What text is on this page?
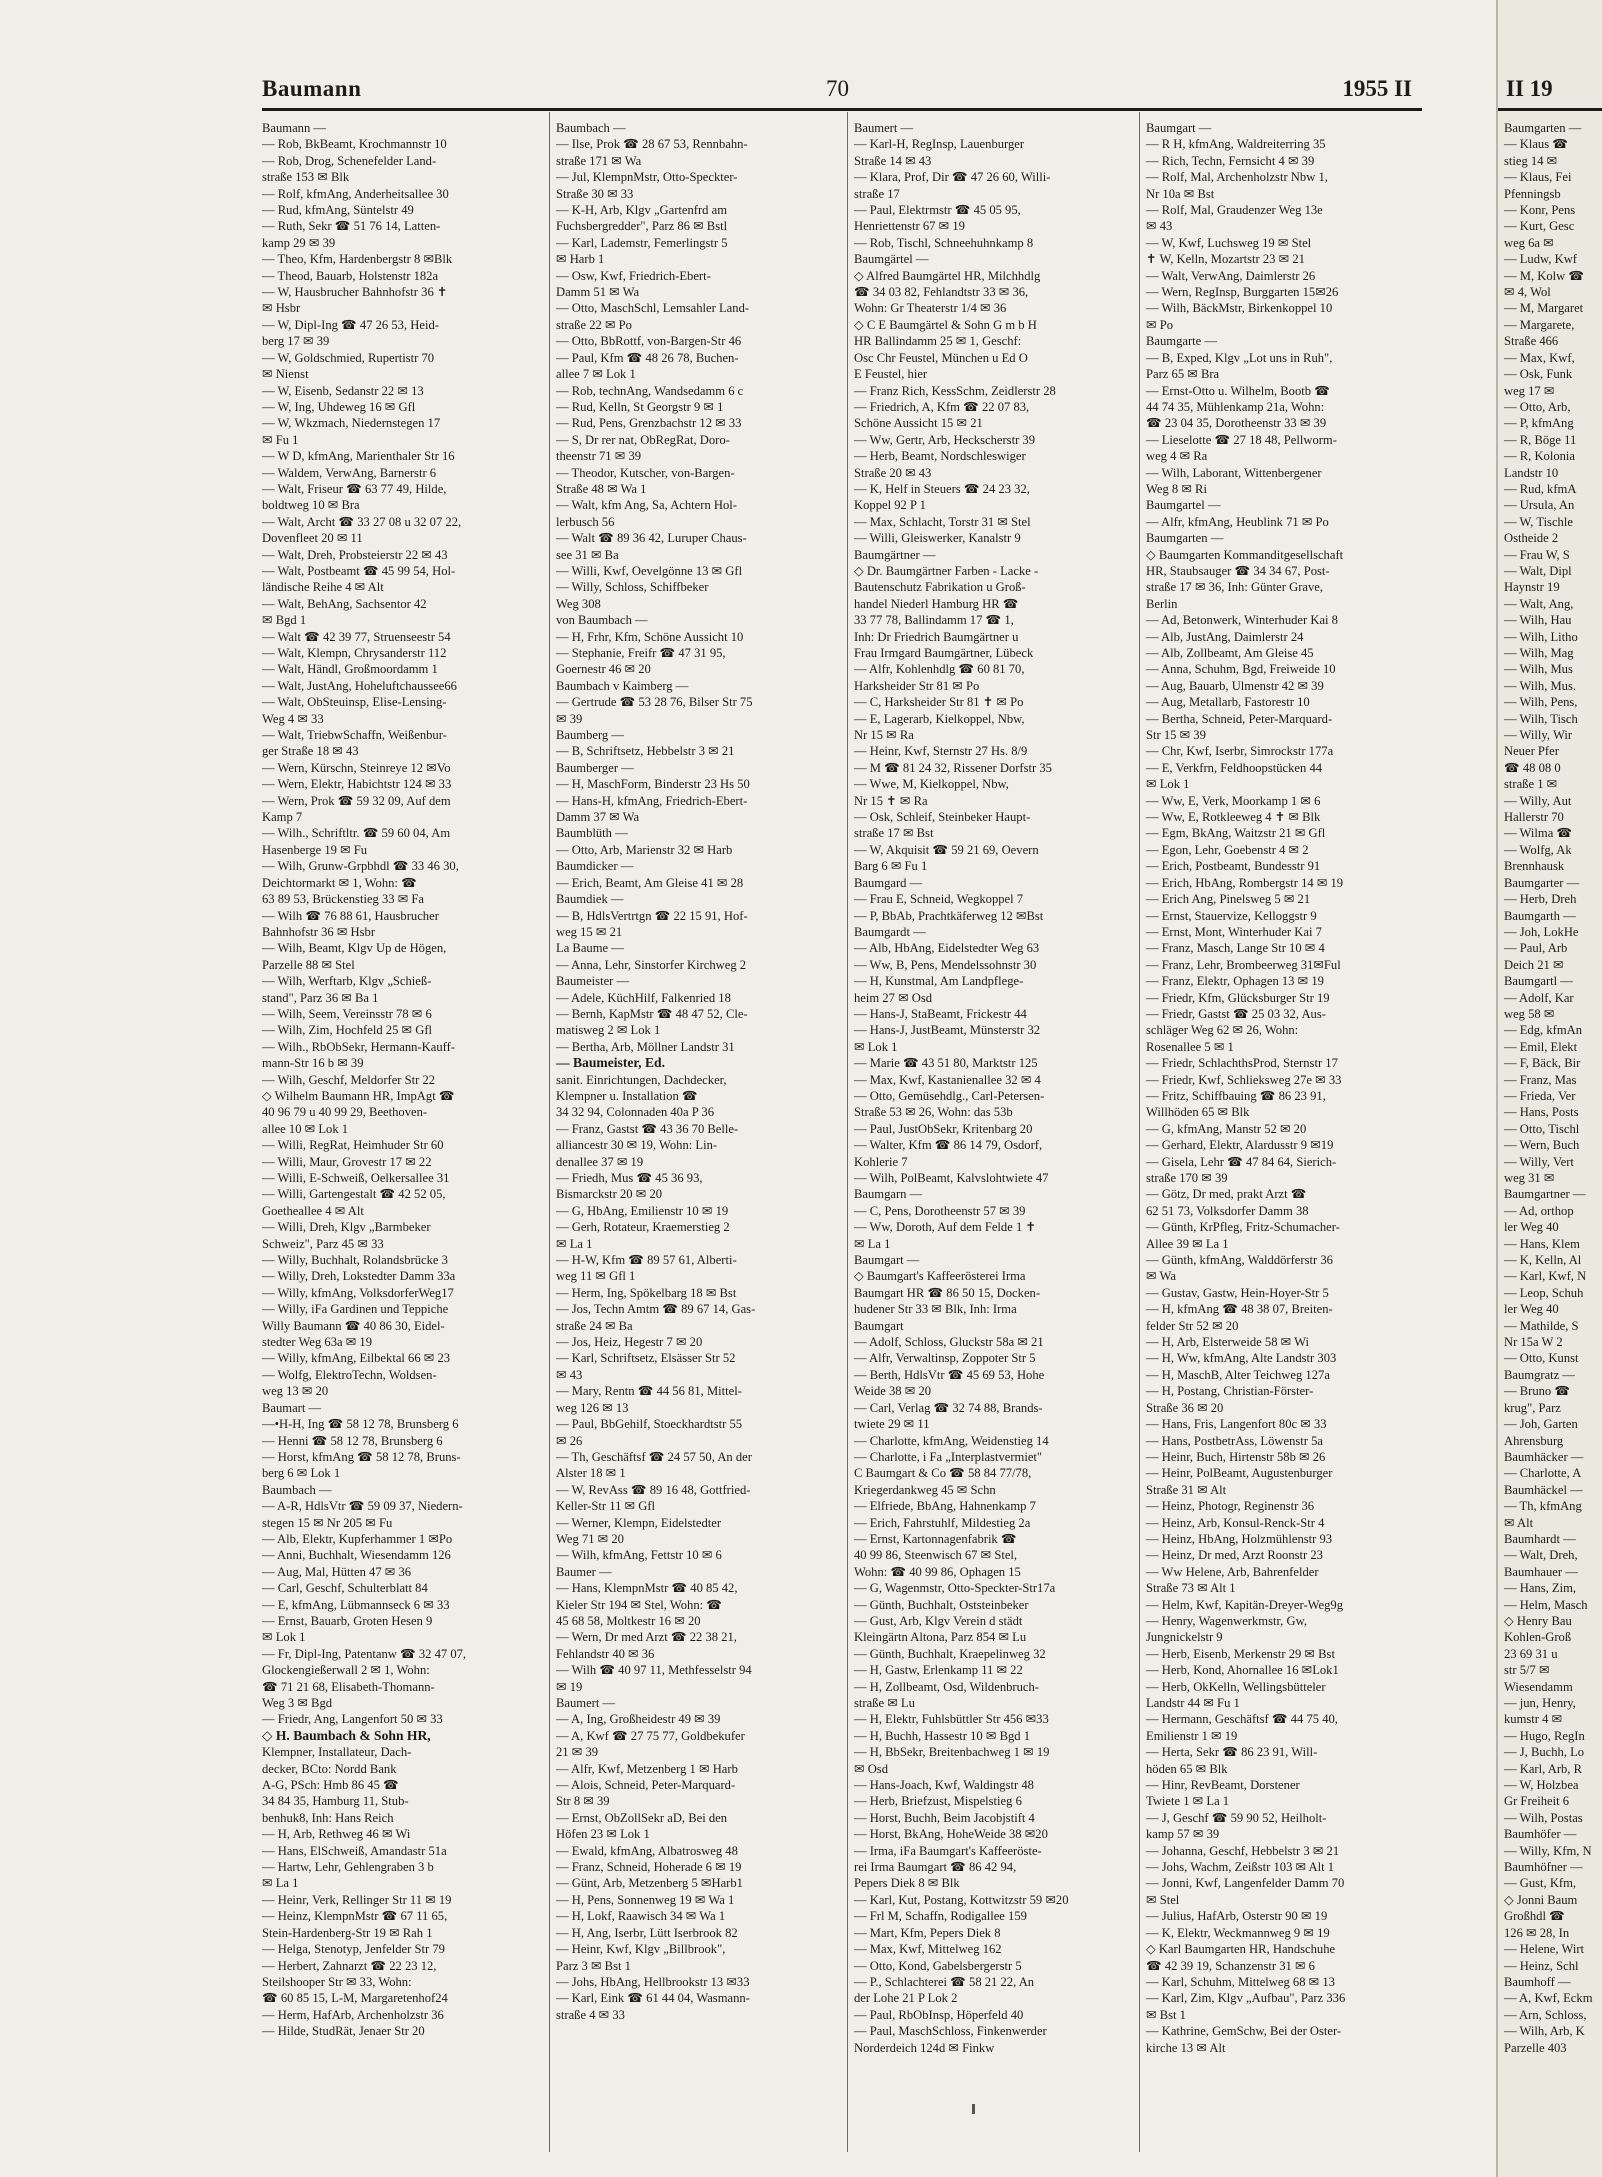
Baumann	70	1955 II
Baumann —
— Rob, BkBeamt, Krochmannstr 10
— Rob, Drog, Schenefelder Land-
straße 153 ✉ Blk
— Rolf, kfmAng, Anderheitsallee 30
— Rud, kfmAng, Süntelstr 49
— Ruth, Sekr ☎ 51 76 14, Latten-
kamp 29 ✉ 39
— Theo, Kfm, Hardenbergstr 8 ✉Blk
— Theod, Bauarb, Holstenstr 182a
— W, Hausbrucher Bahnhofstr 36 ✝
✉ Hsbr
— W, Dipl-Ing ☎ 47 26 53, Heid-
berg 17 ✉ 39
— W, Goldschmied, Rupertistr 70
✉ Nienst
— W, Eisenb, Sedanstr 22 ✉ 13
— W, Ing, Uhdeweg 16 ✉ Gfl
— W, Wkzmach, Niedernstegen 17
✉ Fu 1
— W D, kfmAng, Marienthaler Str 16
— Waldem, VerwAng, Barnerstr 6
— Walt, Friseur ☎ 63 77 49, Hilde,
boldtweg 10 ✉ Bra
— Walt, Archt ☎ 33 27 08 u 32 07 22,
Dovenfleet 20 ✉ 11
— Walt, Dreh, Probsteierstr 22 ✉ 43
— Walt, Postbeamt ☎ 45 99 54, Hol-
ländische Reihe 4 ✉ Alt
— Walt, BehAng, Sachsentor 42
✉ Bgd 1
— Walt ☎ 42 39 77, Struenseestr 54
— Walt, Klempn, Chrysanderstr 112
— Walt, Händl, Großmoordamm 1
— Walt, JustAng, Hoheluftchaussee66
— Walt, ObSteuinsp, Elise-Lensing-
Weg 4 ✉ 33
— Walt, TriebwSchaffn, Weißenbur-
ger Straße 18 ✉ 43
— Wern, Kürschn, Steinreye 12 ✉Vo
— Wern, Elektr, Habichtstr 124 ✉ 33
— Wern, Prok ☎ 59 32 09, Auf dem
Kamp 7
— Wilh., Schriftltr. ☎ 59 60 04, Am
Hasenberge 19 ✉ Fu
— Wilh, Grunw-Grpbhdl ☎ 33 46 30,
Deichtormarkt ✉ 1, Wohn: ☎
63 89 53, Brückenstieg 33 ✉ Fa
— Wilh ☎ 76 88 61, Hausbrucher
Bahnhofstr 36 ✉ Hsbr
— Wilh, Beamt, Klgv Up de Högen,
Parzelle 88 ✉ Stel
— Wilh, Werftarb, Klgv „Schieß-
stand", Parz 36 ✉ Ba 1
— Wilh, Seem, Vereinsstr 78 ✉ 6
— Wilh, Zim, Hochfeld 25 ✉ Gfl
— Wilh., RbObSekr, Hermann-Kauff-
mann-Str 16 b ✉ 39
— Wilh, Geschf, Meldorfer Str 22
◇ Wilhelm Baumann HR, ImpAgt ☎
40 96 79 u 40 99 29, Beethoven-
allee 10 ✉ Lok 1
— Willi, RegRat, Heimhuder Str 60
— Willi, Maur, Grovestr 17 ✉ 22
— Willi, E-Schweiß, Oelkersallee 31
— Willi, Gartengestalt ☎ 42 52 05,
Goetheallee 4 ✉ Alt
— Willi, Dreh, Klgv „Barmbeker
Schweiz", Parz 45 ✉ 33
— Willy, Buchhalt, Rolandsbrücke 3
— Willy, Dreh, Lokstedter Damm 33a
— Willy, kfmAng, VolksdorferWeg17
— Willy, iFa Gardinen und Teppiche
Willy Baumann ☎ 40 86 30, Eidel-
stedter Weg 63a ✉ 19
— Willy, kfmAng, Eilbektal 66 ✉ 23
— Wolfg, ElektroTechn, Woldsen-
weg 13 ✉ 20
Baumart —
—•H-H, Ing ☎ 58 12 78, Brunsberg 6
— Henni ☎ 58 12 78, Brunsberg 6
— Horst, kfmAng ☎ 58 12 78, Bruns-
berg 6 ✉ Lok 1
Baumbach —
— A-R, HdlsVtr ☎ 59 09 37, Niedern-
stegen 15 ✉ Nr 205 ✉ Fu
— Alb, Elektr, Kupferhammer 1 ✉Po
— Anni, Buchhalt, Wiesendamm 126
— Aug, Mal, Hütten 47 ✉ 36
— Carl, Geschf, Schulterblatt 84
— E, kfmAng, Lübmannseck 6 ✉ 33
— Ernst, Bauarb, Groten Hesen 9
✉ Lok 1
— Fr, Dipl-Ing, Patentanw ☎ 32 47 07,
Glockengießerwall 2 ✉ 1, Wohn:
☎ 71 21 68, Elisabeth-Thomann-
Weg 3 ✉ Bgd
— Friedr, Ang, Langenfort 50 ✉ 33
◇ H. Baumbach & Sohn HR,
Klempner, Installateur, Dach-
decker, BCto: Nordd Bank
A-G, PSch: Hmb 86 45 ☎
34 84 35, Hamburg 11, Stub-
benhuk8, Inh: Hans Reich
— H, Arb, Rethweg 46 ✉ Wi
— Hans, ElSchweiß, Amandastr 51a
— Hartw, Lehr, Gehlengraben 3 b
✉ La 1
— Heinr, Verk, Rellinger Str 11 ✉ 19
— Heinz, KlempnMstr ☎ 67 11 65,
Stein-Hardenberg-Str 19 ✉ Rah 1
— Helga, Stenotyp, Jenfelder Str 79
— Herbert, Zahnarzt ☎ 22 23 12,
Steilshooper Str ✉ 33, Wohn:
☎ 60 85 15, L-M, Margaretenhof24
— Herm, HafArb, Archenholzstr 36
— Hilde, StudRät, Jenaer Str 20
Baumbach —
— Ilse, Prok ☎ 28 67 53, Rennbahn-
straße 171 ✉ Wa
— Jul, KlempnMstr, Otto-Speckter-
Straße 30 ✉ 33
— K-H, Arb, Klgv „Gartenfrd am
Fuchsbergredder", Parz 86 ✉ Bstl
— Karl, Lademstr, Femerlingstr 5
✉ Harb 1
— Osw, Kwf, Friedrich-Ebert-
Damm 51 ✉ Wa
— Otto, MaschSchl, Lemsahler Land-
straße 22 ✉ Po
— Otto, BbRottf, von-Bargen-Str 46
— Paul, Kfm ☎ 48 26 78, Buchen-
allee 7 ✉ Lok 1
— Rob, technAng, Wandsedamm 6 c
— Rud, Kelln, St Georgstr 9 ✉ 1
— Rud, Pens, Grenzbachstr 12 ✉ 33
— S, Dr rer nat, ObRegRat, Doro-
theenstr 71 ✉ 39
— Theodor, Kutscher, von-Bargen-
Straße 48 ✉ Wa 1
— Walt, kfm Ang, Sa, Achtern Hol-
lerbusch 56
— Walt ☎ 89 36 42, Luruper Chaus-
see 31 ✉ Ba
— Willi, Kwf, Oevelgönne 13 ✉ Gfl
— Willy, Schloss, Schiffbeker
Weg 308
von Baumbach —
— H, Frhr, Kfm, Schöne Aussicht 10
— Stephanie, Freifr ☎ 47 31 95,
Goernestr 46 ✉ 20
Baumbach v Kaimberg —
— Gertrude ☎ 53 28 76, Bilser Str 75
✉ 39
Baumberg —
— B, Schriftsetz, Hebbelstr 3 ✉ 21
Baumberger —
— H, MaschForm, Binderstr 23 Hs 50
— Hans-H, kfmAng, Friedrich-Ebert-
Damm 37 ✉ Wa
Baumblüth —
— Otto, Arb, Marienstr 32 ✉ Harb
Baumdicker —
— Erich, Beamt, Am Gleise 41 ✉ 28
Baumdiek —
— B, HdlsVertrtgn ☎ 22 15 91, Hof-
weg 15 ✉ 21
La Baume —
— Anna, Lehr, Sinstorfer Kirchweg 2
Baumeister —
— Adele, KüchHilf, Falkenried 18
— Bernh, KapMstr ☎ 48 47 52, Cle-
matisweg 2 ✉ Lok 1
— Bertha, Arb, Möllner Landstr 31
— Baumeister, Ed.
sanit. Einrichtungen, Dachdecker,
Klempner u. Installation ☎
34 32 94, Colonnaden 40a P 36
— Franz, Gastst ☎ 43 36 70 Belle-
alliancestr 30 ✉ 19, Wohn: Lin-
denallee 37 ✉ 19
— Friedh, Mus ☎ 45 36 93,
Bismarckstr 20 ✉ 20
— G, HbAng, Emilienstr 10 ✉ 19
— Gerh, Rotateur, Kraemerstieg 2
✉ La 1
— H-W, Kfm ☎ 89 57 61, Alberti-
weg 11 ✉ Gfl 1
— Herm, Ing, Spökelbarg 18 ✉ Bst
— Jos, Techn Amtm ☎ 89 67 14, Gas-
straße 24 ✉ Ba
— Jos, Heiz, Hegestr 7 ✉ 20
— Karl, Schriftsetz, Elsässer Str 52
✉ 43
— Mary, Rentn ☎ 44 56 81, Mittel-
weg 126 ✉ 13
— Paul, BbGehilf, Stoeckhardtstr 55
✉ 26
— Th, Geschäftsf ☎ 24 57 50, An der
Alster 18 ✉ 1
— W, RevAss ☎ 89 16 48, Gottfried-
Keller-Str 11 ✉ Gfl
— Werner, Klempn, Eidelstedter
Weg 71 ✉ 20
— Wilh, kfmAng, Fettstr 10 ✉ 6
Baumer —
— Hans, KlempnMstr ☎ 40 85 42,
Kieler Str 194 ✉ Stel, Wohn: ☎
45 68 58, Moltkestr 16 ✉ 20
— Wern, Dr med Arzt ☎ 22 38 21,
Fehlandstr 40 ✉ 36
— Wilh ☎ 40 97 11, Methfesselstr 94
✉ 19
Baumert —
— A, Ing, Großheidestr 49 ✉ 39
— A, Kwf ☎ 27 75 77, Goldbekufer
21 ✉ 39
— Alfr, Kwf, Metzenberg 1 ✉ Harb
— Alois, Schneid, Peter-Marquard-
Str 8 ✉ 39
— Ernst, ObZollSekr aD, Bei den
Höfen 23 ✉ Lok 1
— Ewald, kfmAng, Albatrosweg 48
— Franz, Schneid, Hoherade 6 ✉ 19
— Günt, Arb, Metzenberg 5 ✉Harb1
— H, Pens, Sonnenweg 19 ✉ Wa 1
— H, Lokf, Raawisch 34 ✉ Wa 1
— H, Ang, Iserbr, Lütt Iserbrook 82
— Heinr, Kwf, Klgv „Billbrook",
Parz 3 ✉ Bst 1
— Johs, HbAng, Hellbrookstr 13 ✉33
— Karl, Eink ☎ 61 44 04, Wasmann-
straße 4 ✉ 33
Baumert —
— Karl-H, RegInsp, Lauenburger
Straße 14 ✉ 43
— Klara, Prof, Dir ☎ 47 26 60, Willi-
straße 17
— Paul, Elektrmstr ☎ 45 05 95,
Henriettenstr 67 ✉ 19
— Rob, Tischl, Schneehuhnkamp 8
Baumgärtel —
◇ Alfred Baumgärtel HR, Milchhdlg
☎ 34 03 82, Fehlandtstr 33 ✉ 36,
Wohn: Gr Theaterstr 1/4 ✉ 36
◇ C E Baumgärtel & Sohn G m b H
HR Ballindamm 25 ✉ 1, Geschf:
Osc Chr Feustel, München u Ed O
E Feustel, hier
— Franz Rich, KessSchm, Zeidlerstr 28
— Friedrich, A, Kfm ☎ 22 07 83,
Schöne Aussicht 15 ✉ 21
— Ww, Gertr, Arb, Heckscherstr 39
— Herb, Beamt, Nordschleswiger
Straße 20 ✉ 43
— K, Helf in Steuers ☎ 24 23 32,
Koppel 92 P 1
— Max, Schlacht, Torstr 31 ✉ Stel
— Willi, Gleiswerker, Kanalstr 9
Baumgärtner —
◇ Dr. Baumgärtner Farben - Lacke -
Bautenschutz Fabrikation u Groß-
handel Niederl Hamburg HR ☎
33 77 78, Ballindamm 17 ☎ 1,
Inh: Dr Friedrich Baumgärtner u
Frau Irmgard Baumgärtner, Lübeck
— Alfr, Kohlenhdlg ☎ 60 81 70,
Harksheider Str 81 ✉ Po
— C, Harksheider Str 81 ✝ ✉ Po
— E, Lagerarb, Kielkoppel, Nbw,
Nr 15 ✉ Ra
— Heinr, Kwf, Sternstr 27 Hs. 8/9
— M ☎ 81 24 32, Rissener Dorfstr 35
— Wwe, M, Kielkoppel, Nbw,
Nr 15 ✝ ✉ Ra
— Osk, Schleif, Steinbeker Haupt-
straße 17 ✉ Bst
— W, Akquisit ☎ 59 21 69, Oevern
Barg 6 ✉ Fu 1
Baumgard —
— Frau E, Schneid, Wegkoppel 7
— P, BbAb, Prachtkäferweg 12 ✉Bst
Baumgardt —
— Alb, HbAng, Eidelstedter Weg 63
— Ww, B, Pens, Mendelssohnstr 30
— H, Kunstmal, Am Landpflege-
heim 27 ✉ Osd
— Hans-J, StaBeamt, Frickestr 44
— Hans-J, JustBeamt, Münsterstr 32
✉ Lok 1
— Marie ☎ 43 51 80, Marktstr 125
— Max, Kwf, Kastanienallee 32 ✉ 4
— Otto, Gemüsehdlg., Carl-Petersen-
Straße 53 ✉ 26, Wohn: das 53b
— Paul, JustObSekr, Kritenbarg 20
— Walter, Kfm ☎ 86 14 79, Osdorf,
Kohlerie 7
— Wilh, PolBeamt, Kalvslohtwiete 47
Baumgarn —
— C, Pens, Dorotheenstr 57 ✉ 39
— Ww, Doroth, Auf dem Felde 1 ✝
✉ La 1
Baumgart —
◇ Baumgart's Kaffeerösterei Irma
Baumgart HR ☎ 86 50 15, Docken-
hudener Str 33 ✉ Blk, Inh: Irma
Baumgart
— Adolf, Schloss, Gluckstr 58a ✉ 21
— Alfr, Verwaltinsp, Zoppoter Str 5
— Berth, HdlsVtr ☎ 45 69 53, Hohe
Weide 38 ✉ 20
— Carl, Verlag ☎ 32 74 88, Brands-
twiete 29 ✉ 11
— Charlotte, kfmAng, Weidenstieg 14
— Charlotte, i Fa „Interplastvermiet"
C Baumgart & Co ☎ 58 84 77/78,
Kriegerdankweg 45 ✉ Schn
— Elfriede, BbAng, Hahnenkamp 7
— Erich, Fahrstuhlf, Mildestieg 2a
— Ernst, Kartonnagenfabrik ☎
40 99 86, Steenwisch 67 ✉ Stel,
Wohn: ☎ 40 99 86, Ophagen 15
— G, Wagenmstr, Otto-Speckter-Str17a
— Günth, Buchhalt, Oststeinbeker
— Gust, Arb, Klgv Verein d städt
Kleingärtn Altona, Parz 854 ✉ Lu
— Günth, Buchhalt, Kraepelinweg 32
— H, Gastw, Erlenkamp 11 ✉ 22
— H, Zollbeamt, Osd, Wildenbruch-
straße ✉ Lu
— H, Elektr, Fuhlsbüttler Str 456 ✉33
— H, Buchh, Hassestr 10 ✉ Bgd 1
— H, BbSekr, Breitenbachweg 1 ✉ 19
✉ Osd
— Hans-Joach, Kwf, Waldingstr 48
— Herb, Briefzust, Mispelstieg 6
— Horst, Buchh, Beim Jacobjstift 4
— Horst, BkAng, HoheWeide 38 ✉20
— Irma, iFa Baumgart's Kaffeeröste-
rei Irma Baumgart ☎ 86 42 94,
Pepers Diek 8 ✉ Blk
— Karl, Kut, Postang, Kottwitzstr 59 ✉20
— Frl M, Schaffn, Rodigallee 159
— Mart, Kfm, Pepers Diek 8
— Max, Kwf, Mittelweg 162
— Otto, Kond, Gabelsbergerstr 5
— P., Schlachterei ☎ 58 21 22, An
der Lohe 21 P Lok 2
— Paul, RbObInsp, Höperfeld 40
— Paul, MaschSchloss, Finkenwerder
Norderdeich 124d ✉ Finkw
Baumgart —
— R H, kfmAng, Waldreiterring 35
— Rich, Techn, Fernsicht 4 ✉ 39
— Rolf, Mal, Archenholzstr Nbw 1,
Nr 10a ✉ Bst
— Rolf, Mal, Graudenzer Weg 13e
✉ 43
— W, Kwf, Luchsweg 19 ✉ Stel
✝ W, Kelln, Mozartstr 23 ✉ 21
— Walt, VerwAng, Daimlerstr 26
— Wern, RegInsp, Burggarten 15✉26
— Wilh, BäckMstr, Birkenkoppel 10
✉ Po
Baumgarte —
— B, Exped, Klgv „Lot uns in Ruh",
Parz 65 ✉ Bra
— Ernst-Otto u. Wilhelm, Bootb ☎
44 74 35, Mühlenkamp 21a, Wohn:
☎ 23 04 35, Dorotheenstr 33 ✉ 39
— Lieselotte ☎ 27 18 48, Pellworm-
weg 4 ✉ Ra
— Wilh, Laborant, Wittenbergener
Weg 8 ✉ Ri
Baumgartel —
— Alfr, kfmAng, Heublink 71 ✉ Po
Baumgarten —
◇ Baumgarten Kommanditgesellschaft
HR, Staubsauger ☎ 34 34 67, Post-
straße 17 ✉ 36, Inh: Günter Grave,
Berlin
— Ad, Betonwerk, Winterhuder Kai 8
— Alb, JustAng, Daimlerstr 24
— Alb, Zollbeamt, Am Gleise 45
— Anna, Schuhm, Bgd, Freiweide 10
— Aug, Bauarb, Ulmenstr 42 ✉ 39
— Aug, Metallarb, Fastorestr 10
— Bertha, Schneid, Peter-Marquard-
Str 15 ✉ 39
— Chr, Kwf, Iserbr, Simrockstr 177a
— E, Verkfrn, Feldhoopstücken 44
✉ Lok 1
— Ww, E, Verk, Moorkamp 1 ✉ 6
— Ww, E, Rotkleeweg 4 ✝ ✉ Blk
— Egm, BkAng, Waitzstr 21 ✉ Gfl
— Egon, Lehr, Goebenstr 4 ✉ 2
— Erich, Postbeamt, Bundesstr 91
— Erich, HbAng, Rombergstr 14 ✉ 19
— Erich Ang, Pinelsweg 5 ✉ 21
— Ernst, Stauervize, Kelloggstr 9
— Ernst, Mont, Winterhuder Kai 7
— Franz, Masch, Lange Str 10 ✉ 4
— Franz, Lehr, Brombeerweg 31✉Ful
— Franz, Elektr, Ophagen 13 ✉ 19
— Friedr, Kfm, Glücksburger Str 19
— Friedr, Gastst ☎ 25 03 32, Aus-
schläger Weg 62 ✉ 26, Wohn:
Rosenallee 5 ✉ 1
— Friedr, SchlachthsProd, Sternstr 17
— Friedr, Kwf, Schlieksweg 27e ✉ 33
— Fritz, Schiffbauing ☎ 86 23 91,
Willhöden 65 ✉ Blk
— G, kfmAng, Manstr 52 ✉ 20
— Gerhard, Elektr, Alardusstr 9 ✉19
— Gisela, Lehr ☎ 47 84 64, Sierich-
straße 170 ✉ 39
— Götz, Dr med, prakt Arzt ☎
62 51 73, Volksdorfer Damm 38
— Günth, KrPfleg, Fritz-Schumacher-
Allee 39 ✉ La 1
— Günth, kfmAng, Walddörferstr 36
✉ Wa
— Gustav, Gastw, Hein-Hoyer-Str 5
— H, kfmAng ☎ 48 38 07, Breiten-
felder Str 52 ✉ 20
— H, Arb, Elsterweide 58 ✉ Wi
— H, Ww, kfmAng, Alte Landstr 303
— H, MaschB, Alter Teichweg 127a
— H, Postang, Christian-Förster-
Straße 36 ✉ 20
— Hans, Fris, Langenfort 80c ✉ 33
— Hans, PostbetrAss, Löwenstr 5a
— Heinr, Buch, Hirtenstr 58b ✉ 26
— Heinr, PolBeamt, Augustenburger
Straße 31 ✉ Alt
— Heinz, Photogr, Reginenstr 36
— Heinz, Arb, Konsul-Renck-Str 4
— Heinz, HbAng, Holzmühlenstr 93
— Heinz, Dr med, Arzt Roonstr 23
— Ww Helene, Arb, Bahrenfelder
Straße 73 ✉ Alt 1
— Helm, Kwf, Kapitän-Dreyer-Weg9g
— Henry, Wagenwerkmstr, Gw,
Jungnickelstr 9
— Herb, Eisenb, Merkenstr 29 ✉ Bst
— Herb, Kond, Ahornallee 16 ✉Lok1
— Herb, OkKelln, Wellingsbütteler
Landstr 44 ✉ Fu 1
— Hermann, Geschäftsf ☎ 44 75 40,
Emilienstr 1 ✉ 19
— Herta, Sekr ☎ 86 23 91, Will-
höden 65 ✉ Blk
— Hinr, RevBeamt, Dorstener
Twiete 1 ✉ La 1
— J, Geschf ☎ 59 90 52, Heilholt-
kamp 57 ✉ 39
— Johanna, Geschf, Hebbelstr 3 ✉ 21
— Johs, Wachm, Zeißstr 103 ✉ Alt 1
— Jonni, Kwf, Langenfelder Damm 70
✉ Stel
— Julius, HafArb, Osterstr 90 ✉ 19
— K, Elektr, Weckmannweg 9 ✉ 19
◇ Karl Baumgarten HR, Handschuhe
☎ 42 39 19, Schanzenstr 31 ✉ 6
— Karl, Schuhm, Mittelweg 68 ✉ 13
— Karl, Zim, Klgv „Aufbau", Parz 336
✉ Bst 1
— Kathrine, GemSchw, Bei der Oster-
kirche 13 ✉ Alt
II 19
Baumgarten —
— Klaus ☎
stieg 14 ✉
— Klaus, Fei
Pfenningsb
— Konr, Pens
— Kurt, Gesc
weg 6a ✉
— Ludw, Kwf
— M, Kolw ☎
✉ 4, Wol
— M, Margaret
— Margarete,
Straße 466
— Max, Kwf,
— Osk, Funk
weg 17 ✉
— Otto, Arb,
— P, kfmAng
— R, Böge 11
— R, Kolonia
Landstr 10
— Rud, kfmA
— Ursula, An
— W, Tischle
Ostheide 2
— Frau W, S
— Walt, Dipl
Haynstr 19
— Walt, Ang,
— Wilh, Hau
— Wilh, Litho
— Wilh, Mag
— Wilh, Mus
— Wilh, Mus.
— Wilh, Pens,
— Wilh, Tisch
— Willy, Wir
Neuer Pfer
☎ 48 08 0
straße 1 ✉
— Willy, Aut
Hallerstr 70
— Wilma ☎
— Wolfg, Ak
Brennhausk
Baumgarter —
— Herb, Dreh
Baumgarth —
— Joh, LokHe
— Paul, Arb
Deich 21 ✉
Baumgartl —
— Adolf, Kar
weg 58 ✉
— Edg, kfmAn
— Emil, Elekt
— F, Bäck, Bir
— Franz, Mas
— Frieda, Ver
— Hans, Posts
— Otto, Tischl
— Wern, Buch
— Willy, Vert
weg 31 ✉
Baumgartner —
— Ad, orthop
ler Weg 40
— Hans, Klem
— K, Kelln, Al
— Karl, Kwf, N
— Leop, Schuh
ler Weg 40
— Mathilde, S
Nr 15a W 2
— Otto, Kunst
Baumgratz —
— Bruno ☎
krug", Parz
— Joh, Garten
Ahrensburg
Baumhäcker —
— Charlotte, A
Baumhäckel —
— Th, kfmAng
✉ Alt
Baumhardt —
— Walt, Dreh,
Baumhauer —
— Hans, Zim,
— Helm, Masch
◇ Henry Bau
Kohlen-Groß
23 69 31 u
str 5/7 ✉
Wiesendamm
— jun, Henry,
kumstr 4 ✉
— Hugo, RegIn
— J, Buchh, Lo
— Karl, Arb, R
— W, Holzbea
Gr Freiheit 6
— Wilh, Postas
Baumhöfer —
— Willy, Kfm, N
Baumhöfner —
— Gust, Kfm,
◇ Jonni Baum
Großhdl ☎
126 ✉ 28, In
— Helene, Wirt
— Heinz, Schl
Baumhoff —
— A, Kwf, Eckm
— Arn, Schloss,
— Wilh, Arb, K
Parzelle 403
